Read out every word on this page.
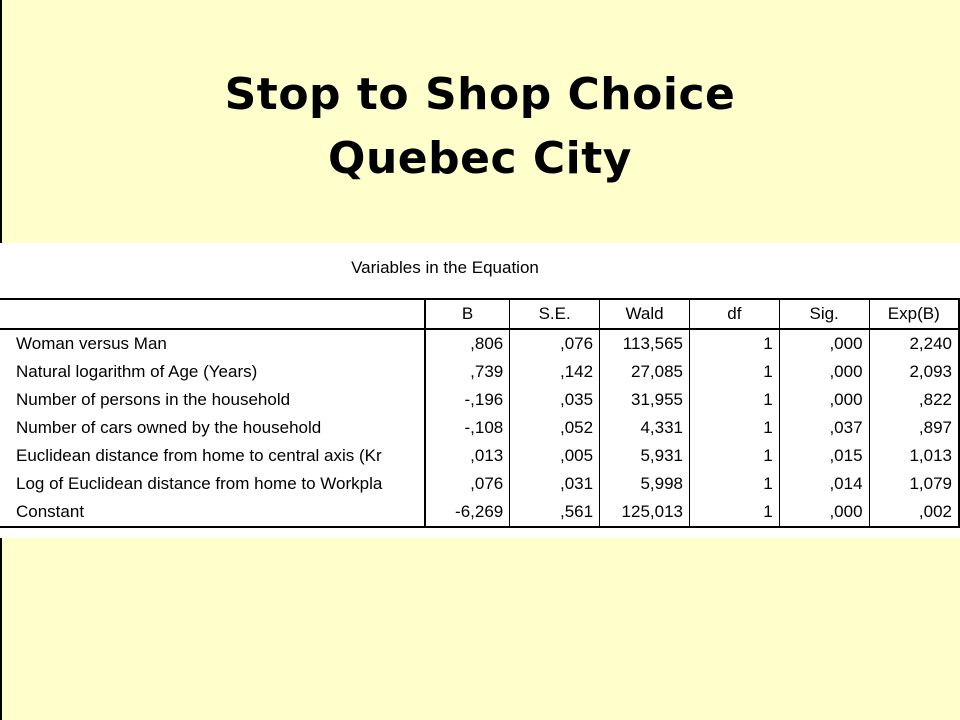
Stop to Shop Choice
Quebec City
Variables in the Equation
	B	S.E.	Wald	df	Sig.	Exp(B)
Woman versus Man	,806	,076	113,565	1	,000	2,240
Natural logarithm of Age (Years)	,739	,142	27,085	1	,000	2,093
Number of persons in the household	-,196	,035	31,955	1	,000	,822
Number of cars owned by the household	-,108	,052	4,331	1	,037	,897
Euclidean distance from home to central axis (Kr	,013	,005	5,931	1	,015	1,013
Log of Euclidean distance from home to Workpla	,076	,031	5,998	1	,014	1,079
Constant	-6,269	,561	125,013	1	,000	,002
